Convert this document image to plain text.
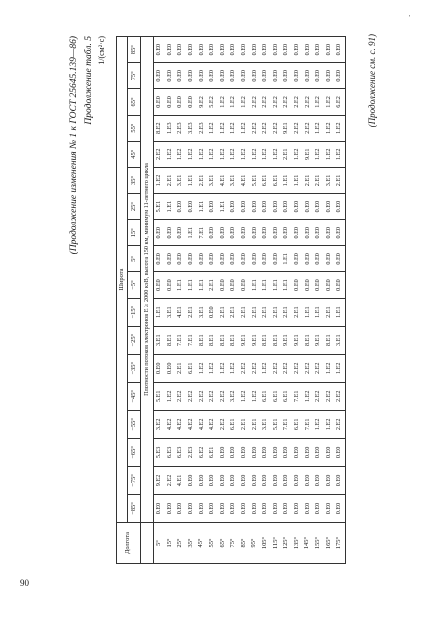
'
90
(Продолжение изменения № 1 к ГОСТ 25645.139—86) Продолжение табл. 5 1/(см²·с)
Долгота	Широта																	
	−85°	−75°	−65°	−55°	−45°	−35°	−25°	−15°	−5°	5°	15°	25°	35°	45°	55°	65°	75°	85°
	Плотности потоков электронов E ≥ 2000 кэВ, высота 150 км, минимум 11-летнего цикла																	
5°	0.E0	9.E2	5.E3	3.E2	5.E1	0.E0	3.E1	1.E1	0.E0	0.E0	0.E0	5.E1	1.E2	2.E2	8.E2	0.E0	0.E0	0.E0
15°	0.E0	2.E2	6.E3	4.E2	1.E2	0.E0	8.E1	3.E1	0.E0	0.E0	0.E0	1.E1	2.E1	1.E2	1.E3	0.E0	0.E0	0.E0
25°	0.E0	4.E1	6.E3	4.E2	2.E2	2.E1	7.E1	4.E1	1.E1	0.E0	0.E0	0.E0	3.E1	1.E2	2.E3	0.E0	0.E0	0.E0
35°	0.E0	0.E0	2.E3	4.E2	2.E2	6.E1	7.E1	2.E1	1.E1	0.E0	1.E1	0.E0	1.E1	1.E2	3.E3	0.E0	0.E0	0.E0
45°	0.E0	0.E0	6.E2	4.E2	2.E2	1.E2	8.E1	3.E1	1.E1	0.E0	7.E1	1.E1	2.E1	1.E2	2.E3	9.E2	0.E0	0.E0
55°	0.E0	0.E0	6.E1	4.E2	2.E2	1.E2	8.E1	0.E0	2.E1	0.E0	0.E0	0.E0	3.E1	1.E2	1.E2	5.E2	0.E0	0.E0
65°	0.E0	0.E0	0.E0	2.E2	2.E2	1.E2	8.E1	2.E1	0.E0	0.E0	0.E0	1.E1	4.E1	1.E2	1.E2	1.E2	0.E0	0.E0
75°	0.E0	0.E0	0.E0	6.E1	3.E2	1.E2	8.E1	2.E1	0.E0	0.E0	0.E0	0.E0	3.E1	1.E2	1.E2	1.E2	0.E0	0.E0
85°	0.E0	0.E0	0.E0	2.E1	1.E2	2.E2	9.E1	2.E1	0.E0	0.E0	0.E0	0.E0	4.E1	1.E2	1.E2	1.E2	0.E0	0.E0
95°	0.E0	0.E0	0.E0	2.E1	1.E2	2.E2	9.E1	2.E1	1.E1	0.E0	0.E0	0.E0	5.E1	1.E2	2.E2	2.E2	0.E0	0.E0
105°	0.E0	0.E0	0.E0	3.E1	6.E1	1.E2	8.E1	2.E1	1.E1	0.E0	0.E0	0.E0	6.E1	1.E2	2.E2	2.E2	0.E0	0.E0
115°	0.E0	0.E0	0.E0	5.E1	6.E1	2.E2	8.E1	2.E1	1.E1	0.E0	0.E0	0.E0	6.E1	1.E2	2.E2	2.E2	0.E0	0.E0
125°	0.E0	0.E0	0.E0	7.E1	6.E1	2.E2	9.E1	2.E1	1.E1	1.E1	0.E0	0.E0	1.E1	2.E1	9.E1	2.E2	0.E0	0.E0
135°	0.E0	0.E0	0.E0	6.E1	7.E1	2.E2	9.E1	2.E1	0.E0	0.E0	0.E0	0.E0	1.E1	1.E2	2.E2	2.E2	0.E0	0.E0
145°	0.E0	0.E0	0.E0	7.E1	1.E2	2.E2	8.E1	1.E1	0.E0	0.E0	0.E0	0.E0	2.E1	9.E1	2.E2	2.E2	0.E0	0.E0
155°	0.E0	0.E0	0.E0	1.E2	2.E2	2.E2	9.E1	1.E1	0.E0	0.E0	0.E0	0.E0	2.E1	1.E2	1.E2	1.E2	0.E0	0.E0
165°	0.E0	0.E0	0.E0	1.E2	2.E2	1.E2	8.E1	2.E1	0.E0	0.E0	0.E0	0.E0	3.E1	1.E2	1.E2	1.E2	0.E0	0.E0
175°	0.E0	0.E0	0.E0	2.E2	2.E2	1.E2	3.E1	1.E1	0.E0	0.E0	0.E0	0.E0	2.E1	1.E2	1.E2	6.E2	0.E0	0.E0	(Продолжение см. с. 91)
